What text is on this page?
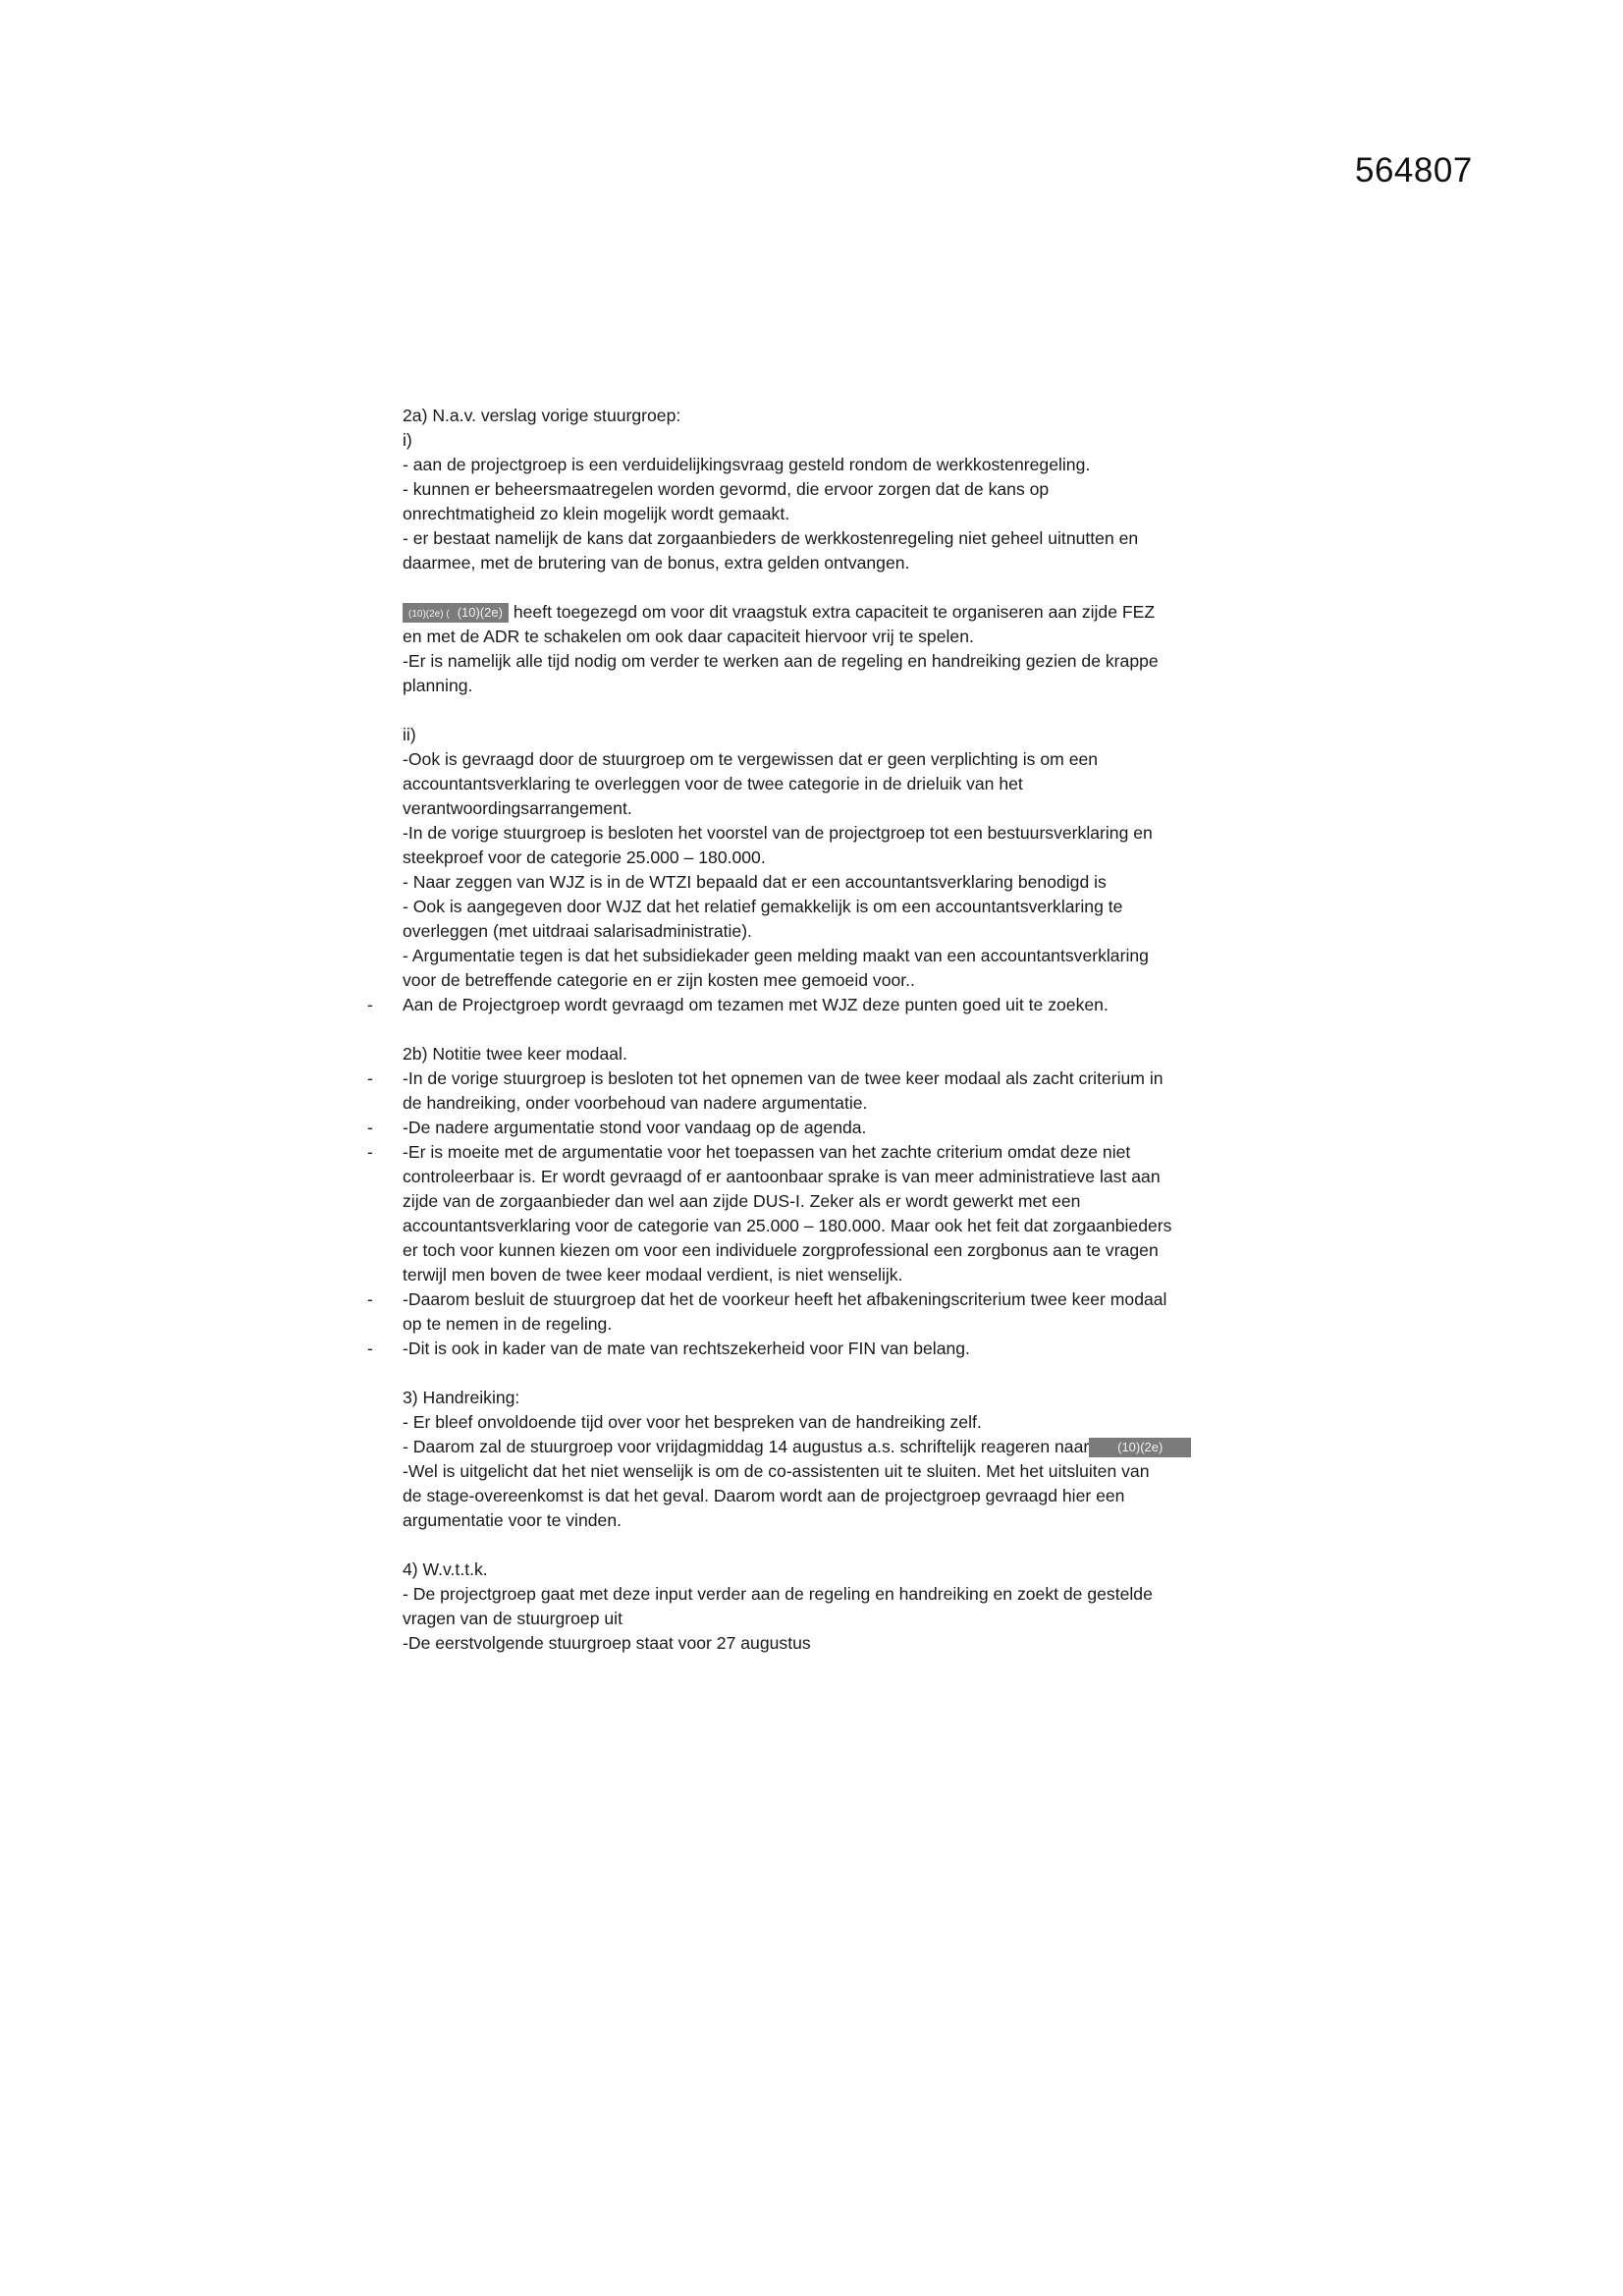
564807
2a) N.a.v. verslag vorige stuurgroep:
i)
- aan de projectgroep is een verduidelijkingsvraag gesteld rondom de werkkostenregeling.
- kunnen er beheersmaatregelen worden gevormd, die ervoor zorgen dat de kans op
onrechtmatigheid zo klein mogelijk wordt gemaakt.
- er bestaat namelijk de kans dat zorgaanbieders de werkkostenregeling niet geheel uitnutten en
daarmee, met de brutering van de bonus, extra gelden ontvangen.
(10)(2e) ( (10)(2e) heeft toegezegd om voor dit vraagstuk extra capaciteit te organiseren aan zijde FEZ
en met de ADR te schakelen om ook daar capaciteit hiervoor vrij te spelen.
-Er is namelijk alle tijd nodig om verder te werken aan de regeling en handreiking gezien de krappe
planning.
ii)
-Ook is gevraagd door de stuurgroep om te vergewissen dat er geen verplichting is om een
accountantsverklaring te overleggen voor de twee categorie in de drieluik van het
verantwoordingsarrangement.
-In de vorige stuurgroep is besloten het voorstel van de projectgroep tot een bestuursverklaring en
steekproef voor de categorie 25.000 – 180.000.
- Naar zeggen van WJZ is in de WTZI bepaald dat er een accountantsverklaring benodigd is
- Ook is aangegeven door WJZ dat het relatief gemakkelijk is om een accountantsverklaring te
overleggen (met uitdraai salarisadministratie).
- Argumentatie tegen is dat het subsidiekader geen melding maakt van een accountantsverklaring
voor de betreffende categorie en er zijn kosten mee gemoeid voor..
- Aan de Projectgroep wordt gevraagd om tezamen met WJZ deze punten goed uit te zoeken.
2b) Notitie twee keer modaal.
- -In de vorige stuurgroep is besloten tot het opnemen van de twee keer modaal als zacht criterium in
de handreiking, onder voorbehoud van nadere argumentatie.
- -De nadere argumentatie stond voor vandaag op de agenda.
- -Er is moeite met de argumentatie voor het toepassen van het zachte criterium omdat deze niet
controleerbaar is. Er wordt gevraagd of er aantoonbaar sprake is van meer administratieve last aan
zijde van de zorgaanbieder dan wel aan zijde DUS-I. Zeker als er wordt gewerkt met een
accountantsverklaring voor de categorie van 25.000 – 180.000. Maar ook het feit dat zorgaanbieders
er toch voor kunnen kiezen om voor een individuele zorgprofessional een zorgbonus aan te vragen
terwijl men boven de twee keer modaal verdient, is niet wenselijk.
- -Daarom besluit de stuurgroep dat het de voorkeur heeft het afbakeningscriterium twee keer modaal
op te nemen in de regeling.
- -Dit is ook in kader van de mate van rechtszekerheid voor FIN van belang.
3) Handreiking:
- Er bleef onvoldoende tijd over voor het bespreken van de handreiking zelf.
- Daarom zal de stuurgroep voor vrijdagmiddag 14 augustus a.s. schriftelijk reageren naar (10)(2e)
-Wel is uitgelicht dat het niet wenselijk is om de co-assistenten uit te sluiten. Met het uitsluiten van
de stage-overeenkomst is dat het geval. Daarom wordt aan de projectgroep gevraagd hier een
argumentatie voor te vinden.
4) W.v.t.t.k.
- De projectgroep gaat met deze input verder aan de regeling en handreiking en zoekt de gestelde
vragen van de stuurgroep uit
-De eerstvolgende stuurgroep staat voor 27 augustus
